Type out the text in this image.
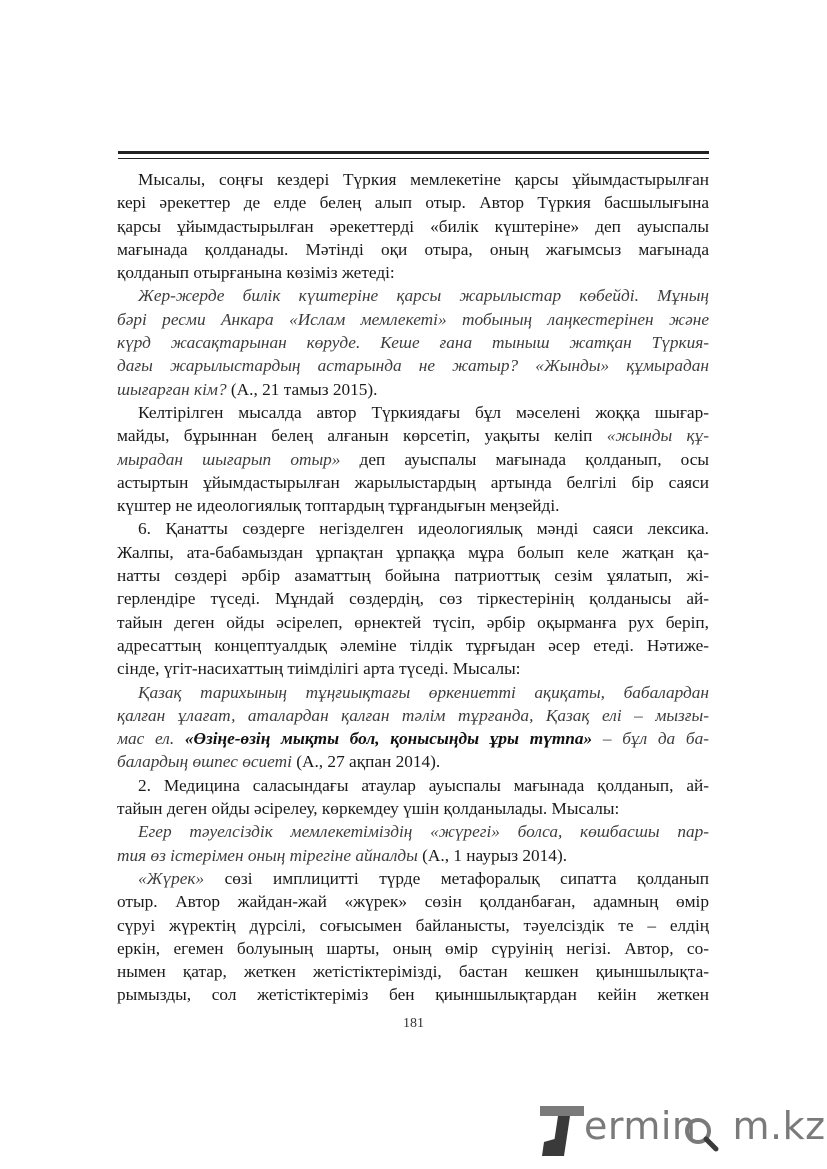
Мысалы, соңғы кездері Түркия мемлекетіне қарсы ұйымдастырылған
кері әрекеттер де елде белең алып отыр. Автор Түркия басшылығына
қарсы ұйымдастырылған әрекеттерді «билік күштеріне» деп ауыспалы
мағынада қолданады. Мәтінді оқи отыра, оның жағымсыз мағынада
қолданып отырғанына көзіміз жетеді:
Жер-жерде билік күштеріне қарсы жарылыстар көбейді. Мұның
бәрі ресми Анкара «Ислам мемлекеті» тобының лаңкестерінен және
күрд жасақтарынан көруде. Кеше ғана тыныш жатқан Түркия-
дағы жарылыстардың астарында не жатыр? «Жынды» құмырадан
шығарған кім? (А., 21 тамыз 2015).
Келтірілген мысалда автор Түркиядағы бұл мәселені жоққа шығар-
майды, бұрыннан белең алғанын көрсетіп, уақыты келіп «жынды құ-
мырадан шығарып отыр» деп ауыспалы мағынада қолданып, осы
астыртын ұйымдастырылған жарылыстардың артында белгілі бір саяси
күштер не идеологиялық топтардың тұрғандығын меңзейді.
6. Қанатты сөздерге негізделген идеологиялық мәнді саяси лексика.
Жалпы, ата-бабамыздан ұрпақтан ұрпаққа мұра болып келе жатқан қа-
натты сөздері әрбір азаматтың бойына патриоттық сезім ұялатып, жі-
герлендіре түседі. Мұндай сөздердің, сөз тіркестерінің қолданысы ай-
тайын деген ойды әсірелеп, өрнектей түсіп, әрбір оқырманға рух беріп,
адресаттың концептуалдық әлеміне тілдік тұрғыдан әсер етеді. Нәтиже-
сінде, үгіт-насихаттың тиімділігі арта түседі. Мысалы:
Қазақ тарихының тұңғиықтағы өркениетті ақиқаты, бабалардан
қалған ұлағат, аталардан қалған тәлім тұрғанда, Қазақ елі – мызғы-
мас ел. «Өзіңе-өзің мықты бол, қонысыңды ұры түтпа» – бұл да ба-
балардың өшпес өсиеті (А., 27 ақпан 2014).
2. Медицина саласындағы атаулар ауыспалы мағынада қолданып, ай-
тайын деген ойды әсірелеу, көркемдеу үшін қолданылады. Мысалы:
Егер тәуелсіздік мемлекетіміздің «жүрегі» болса, көшбасшы пар-
тия өз істерімен оның тірегіне айналды (А., 1 наурыз 2014).
«Жүрек» сөзі имплицитті түрде метафоралық сипатта қолданып
отыр. Автор жайдан-жай «жүрек» сөзін қолданбаған, адамның өмір
сүруі жүректің дүрсілі, соғысымен байланысты, тәуелсіздік те – елдің
еркін, егемен болуының шарты, оның өмір сүруінің негізі. Автор, со-
нымен қатар, жеткен жетістіктерімізді, бастан кешкен қиыншылықта-
рымызды, сол жетістіктеріміз бен қиыншылықтардан кейін жеткен
181
ermin m.kz
